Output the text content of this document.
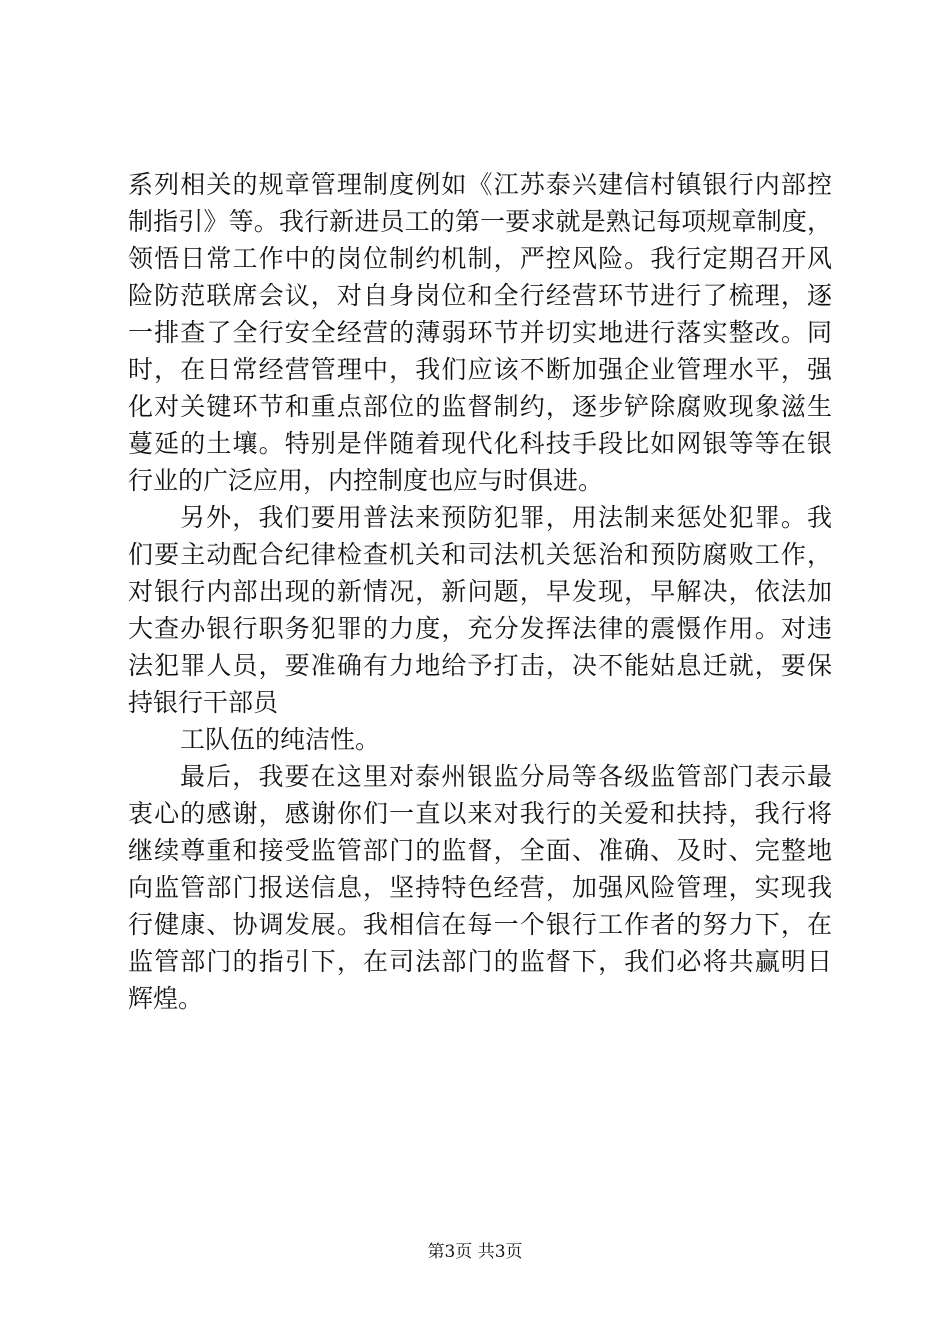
系列相关的规章管理制度例如《江苏泰兴建信村镇银行内部控
制指引》等。我行新进员工的第一要求就是熟记每项规章制度，
领悟日常工作中的岗位制约机制，严控风险。我行定期召开风
险防范联席会议，对自身岗位和全行经营环节进行了梳理，逐
一排查了全行安全经营的薄弱环节并切实地进行落实整改。同
时，在日常经营管理中，我们应该不断加强企业管理水平，强
化对关键环节和重点部位的监督制约，逐步铲除腐败现象滋生
蔓延的土壤。特别是伴随着现代化科技手段比如网银等等在银
行业的广泛应用，内控制度也应与时俱进。
另外，我们要用普法来预防犯罪，用法制来惩处犯罪。我
们要主动配合纪律检查机关和司法机关惩治和预防腐败工作，
对银行内部出现的新情况，新问题，早发现，早解决，依法加
大查办银行职务犯罪的力度，充分发挥法律的震慑作用。对违
法犯罪人员，要准确有力地给予打击，决不能姑息迁就，要保
持银行干部员
工队伍的纯洁性。
最后，我要在这里对泰州银监分局等各级监管部门表示最
衷心的感谢，感谢你们一直以来对我行的关爱和扶持，我行将
继续尊重和接受监管部门的监督，全面、准确、及时、完整地
向监管部门报送信息，坚持特色经营，加强风险管理，实现我
行健康、协调发展。我相信在每一个银行工作者的努力下，在
监管部门的指引下，在司法部门的监督下，我们必将共赢明日
辉煌。
第3页 共3页
